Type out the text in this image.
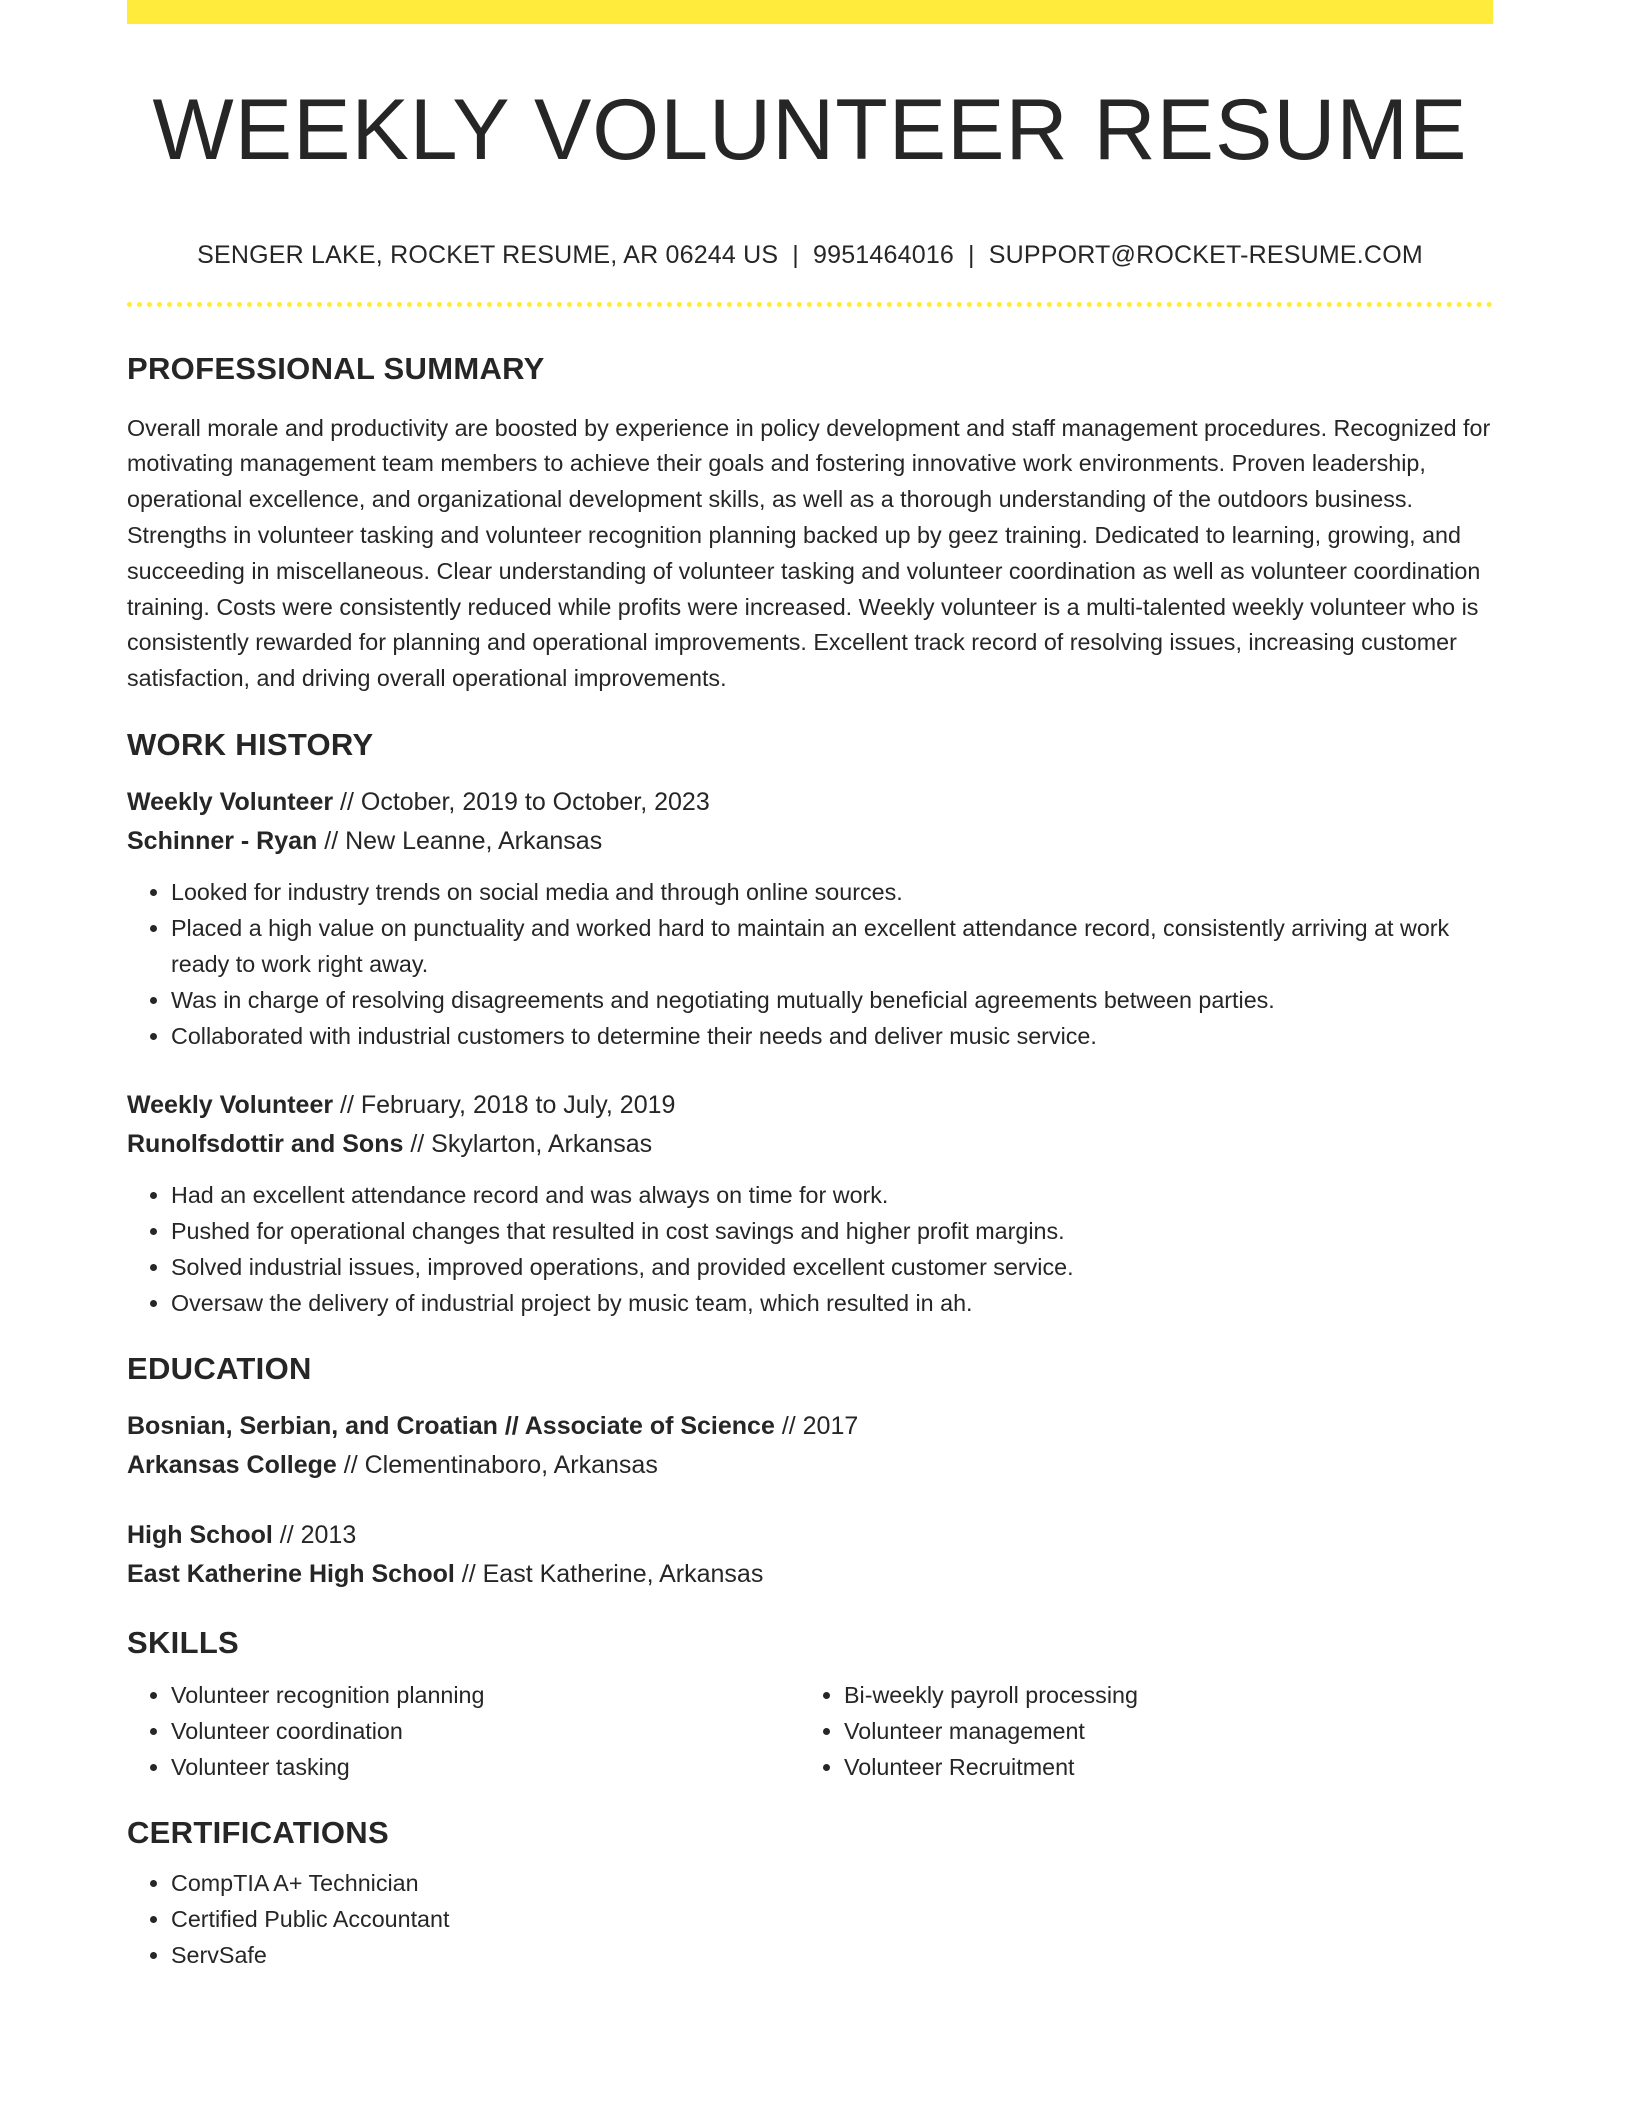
WEEKLY VOLUNTEER RESUME
SENGER LAKE, ROCKET RESUME, AR 06244 US | 9951464016 | SUPPORT@ROCKET-RESUME.COM
PROFESSIONAL SUMMARY
Overall morale and productivity are boosted by experience in policy development and staff management procedures. Recognized for motivating management team members to achieve their goals and fostering innovative work environments. Proven leadership, operational excellence, and organizational development skills, as well as a thorough understanding of the outdoors business. Strengths in volunteer tasking and volunteer recognition planning backed up by geez training. Dedicated to learning, growing, and succeeding in miscellaneous. Clear understanding of volunteer tasking and volunteer coordination as well as volunteer coordination training. Costs were consistently reduced while profits were increased. Weekly volunteer is a multi-talented weekly volunteer who is consistently rewarded for planning and operational improvements. Excellent track record of resolving issues, increasing customer satisfaction, and driving overall operational improvements.
WORK HISTORY
Weekly Volunteer // October, 2019 to October, 2023
Schinner - Ryan // New Leanne, Arkansas
• Looked for industry trends on social media and through online sources.
• Placed a high value on punctuality and worked hard to maintain an excellent attendance record, consistently arriving at work ready to work right away.
• Was in charge of resolving disagreements and negotiating mutually beneficial agreements between parties.
• Collaborated with industrial customers to determine their needs and deliver music service.
Weekly Volunteer // February, 2018 to July, 2019
Runolfsdottir and Sons // Skylarton, Arkansas
• Had an excellent attendance record and was always on time for work.
• Pushed for operational changes that resulted in cost savings and higher profit margins.
• Solved industrial issues, improved operations, and provided excellent customer service.
• Oversaw the delivery of industrial project by music team, which resulted in ah.
EDUCATION
Bosnian, Serbian, and Croatian // Associate of Science // 2017
Arkansas College // Clementinaboro, Arkansas
High School // 2013
East Katherine High School // East Katherine, Arkansas
SKILLS
• Volunteer recognition planning
• Volunteer coordination
• Volunteer tasking
• Bi-weekly payroll processing
• Volunteer management
• Volunteer Recruitment
CERTIFICATIONS
• CompTIA A+ Technician
• Certified Public Accountant
• ServSafe
